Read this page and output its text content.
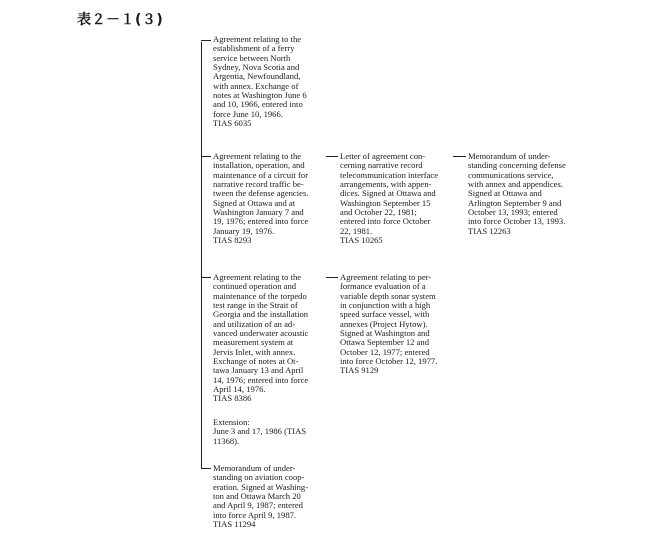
表２－１(３)

Agreement relating to the
establishment of a ferry
service between North
Sydney, Nova Scotia and
Argentia, Newfoundland,
with annex. Exchange of
notes at Washington June 6
and 10, 1966, entered into
force June 10, 1966.
TIAS 6035

Agreement relating to the
installation, operation, and
maintenance of a circuit for
narrative record traffic be-
tween the defense agencies.
Signed at Ottawa and at
Washington January 7 and
19, 1976; entered into force
January 19, 1976.
TIAS 8293

Letter of agreement con-
cerning narrative record
telecommunication interface
arrangements, with appen-
dices. Signed at Ottawa and
Washington September 15
and October 22, 1981;
entered into force October
22, 1981.
TIAS 10265

Memorandum of under-
standing concerning defense
communications service,
with annex and appendices.
Signed at Ottawa and
Arlington September 9 and
October 13, 1993; entered
into force October 13, 1993.
TIAS 12263

Agreement relating to the
continued operation and
maintenance of the torpedo
test range in the Strait of
Georgia and the installation
and utilization of an ad-
vanced underwater acoustic
measurement system at
Jervis Inlet, with annex.
Exchange of notes at Ot-
tawa January 13 and April
14, 1976; entered into force
April 14, 1976.
TIAS 8386

Extension:
June 3 and 17, 1986 (TIAS
11368).

Agreement relating to per-
formance evaluation of a
variable depth sonar system
in conjunction with a high
speed surface vessel, with
annexes (Project Hytow).
Signed at Washington and
Ottawa September 12 and
October 12, 1977; entered
into force October 12, 1977.
TIAS 9129

Memorandum of under-
standing on aviation coop-
eration. Signed at Washing-
ton and Ottawa March 20
and April 9, 1987; entered
into force April 9, 1987.
TIAS 11294
